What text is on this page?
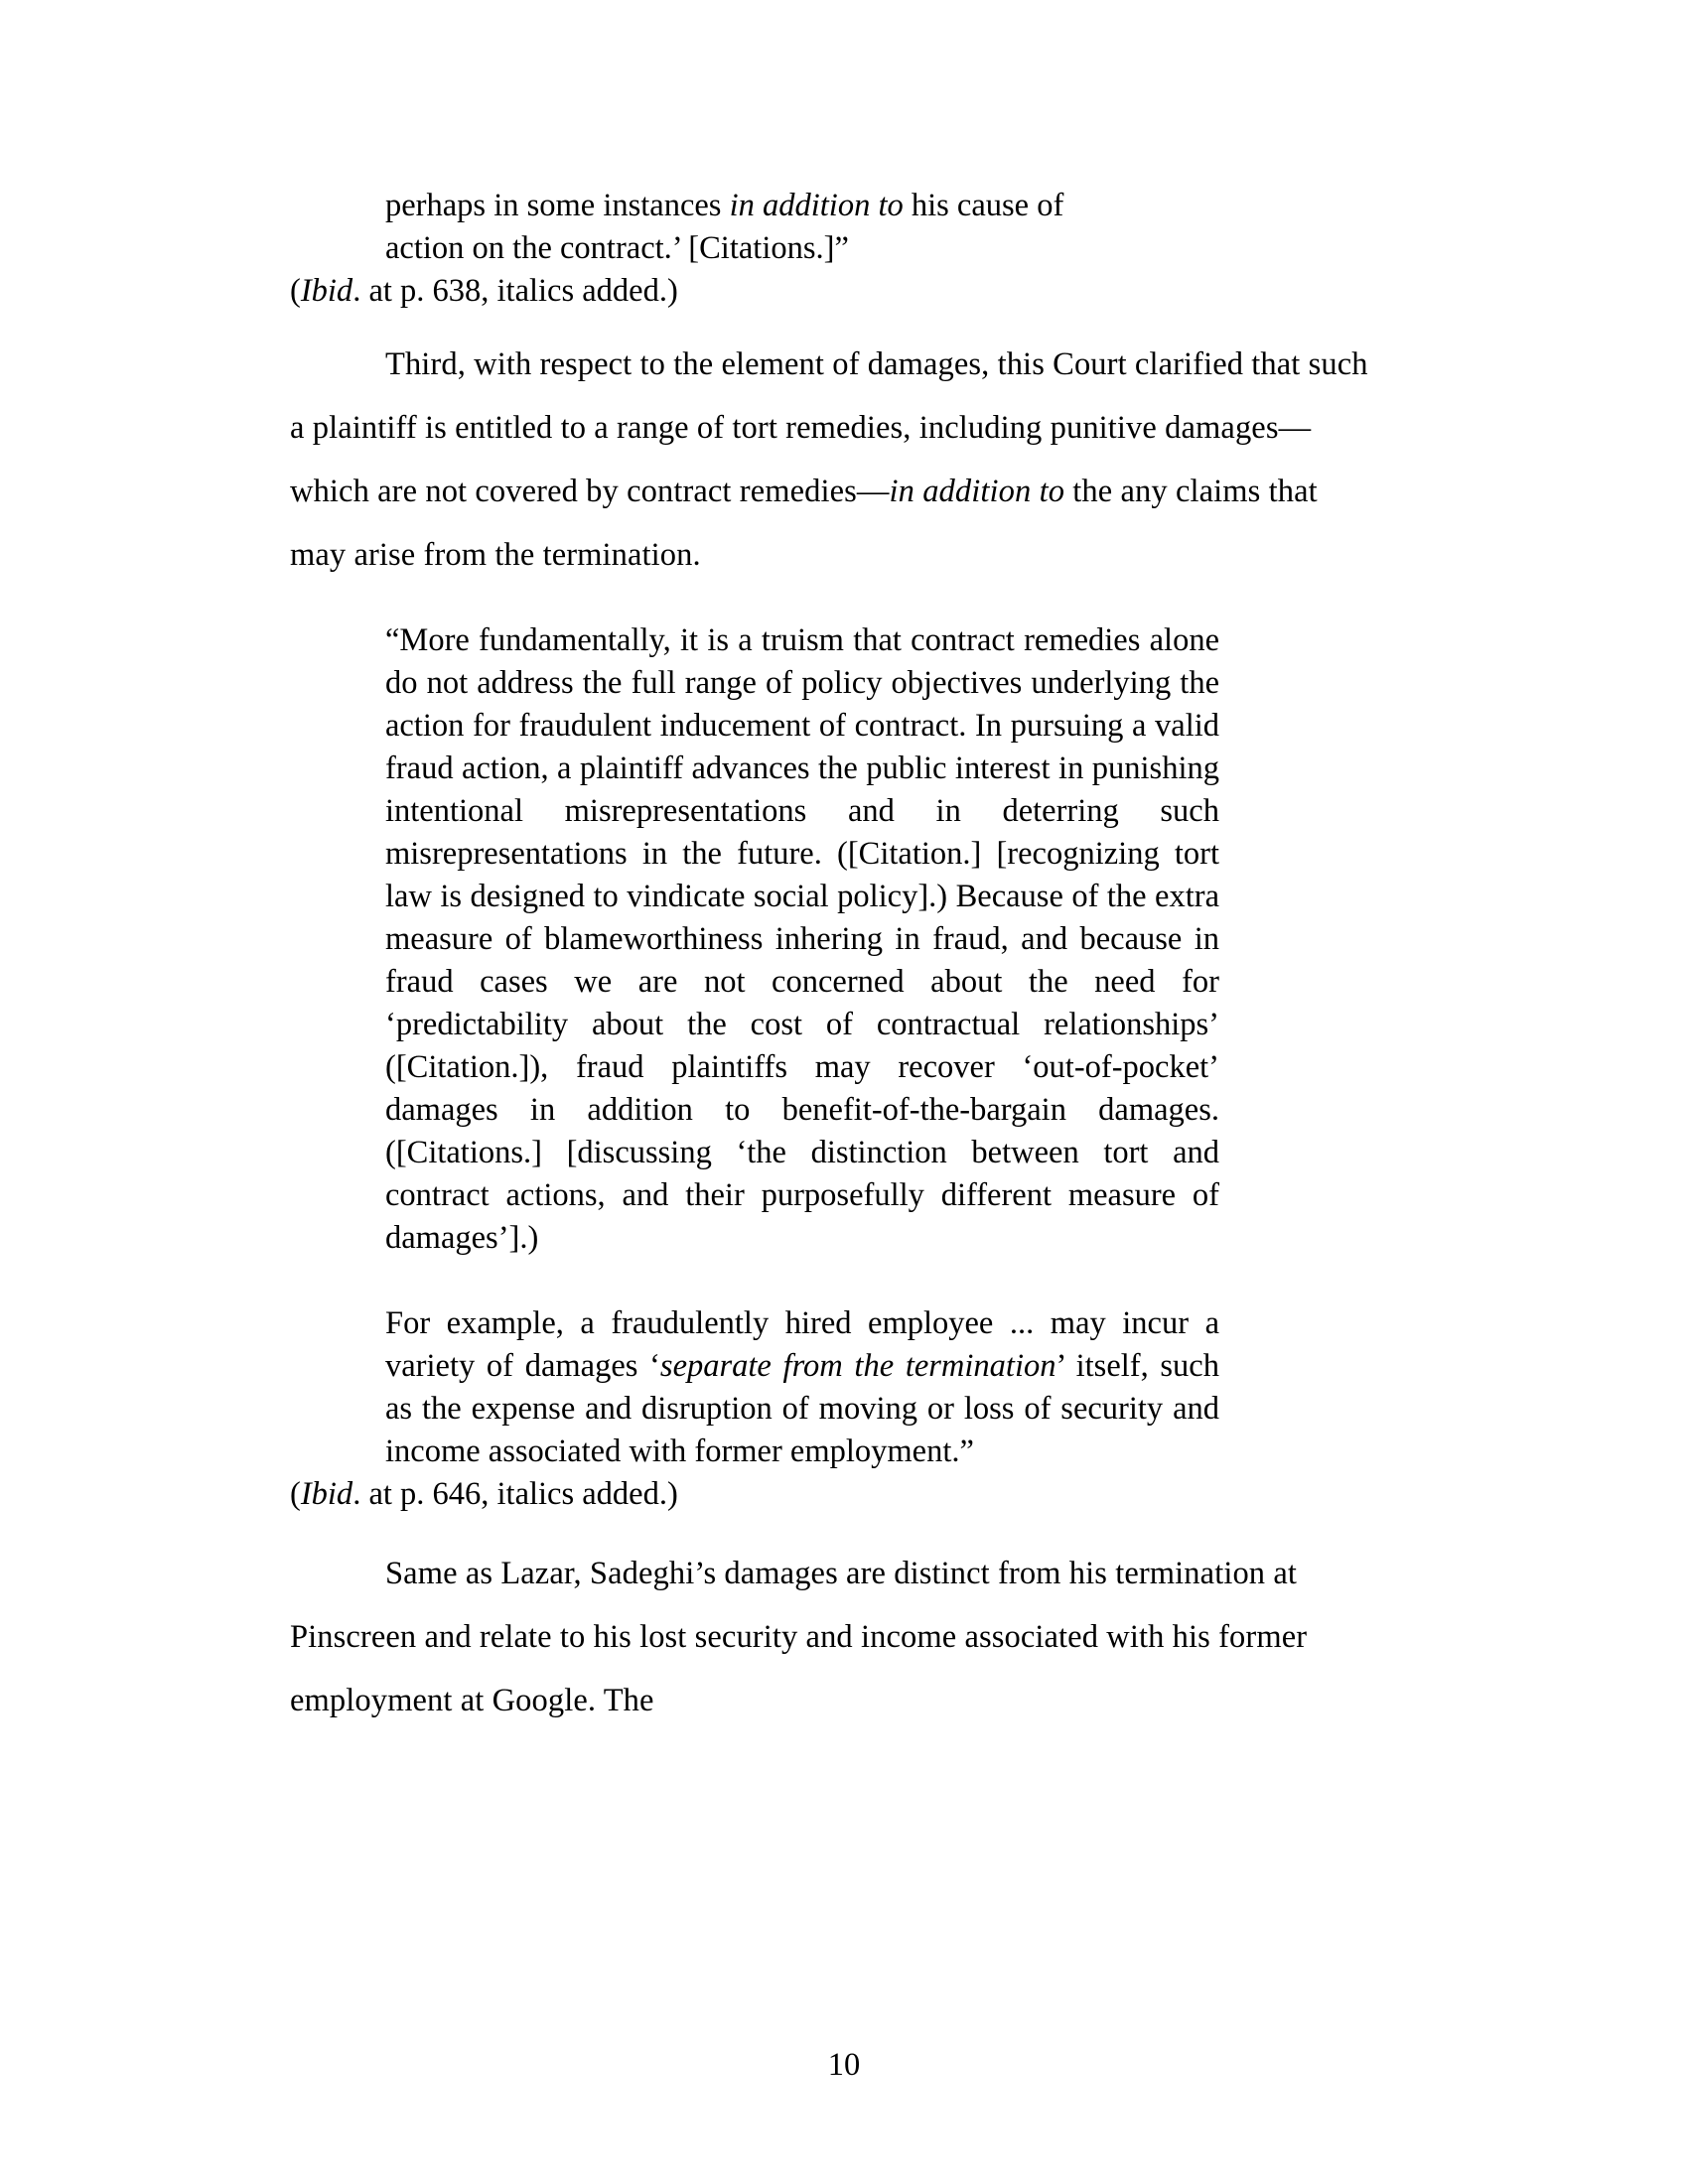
perhaps in some instances in addition to his cause of

action on the contract.’ [Citations.]”

(Ibid. at p. 638, italics added.)

Third, with respect to the element of damages, this Court clarified that such a plaintiff is entitled to a range of tort remedies, including punitive damages—which are not covered by contract remedies—in addition to the any claims that may arise from the termination.

“More fundamentally, it is a truism that contract remedies alone do not address the full range of policy objectives underlying the action for fraudulent inducement of contract. In pursuing a valid fraud action, a plaintiff advances the public interest in punishing intentional misrepresentations and in deterring such misrepresentations in the future. ([Citation.] [recognizing tort law is designed to vindicate social policy].) Because of the extra measure of blameworthiness inhering in fraud, and because in fraud cases we are not concerned about the need for ‘predictability about the cost of contractual relationships’ ([Citation.]), fraud plaintiffs may recover ‘out-of-pocket’ damages in addition to benefit-of-the-bargain damages. ([Citations.] [discussing ‘the distinction between tort and contract actions, and their purposefully different measure of damages’].)

For example, a fraudulently hired employee ... may incur a variety of damages ‘separate from the termination’ itself, such as the expense and disruption of moving or loss of security and income associated with former employment.”

(Ibid. at p. 646, italics added.)

Same as Lazar, Sadeghi’s damages are distinct from his termination at Pinscreen and relate to his lost security and income associated with his former employment at Google. The

10
